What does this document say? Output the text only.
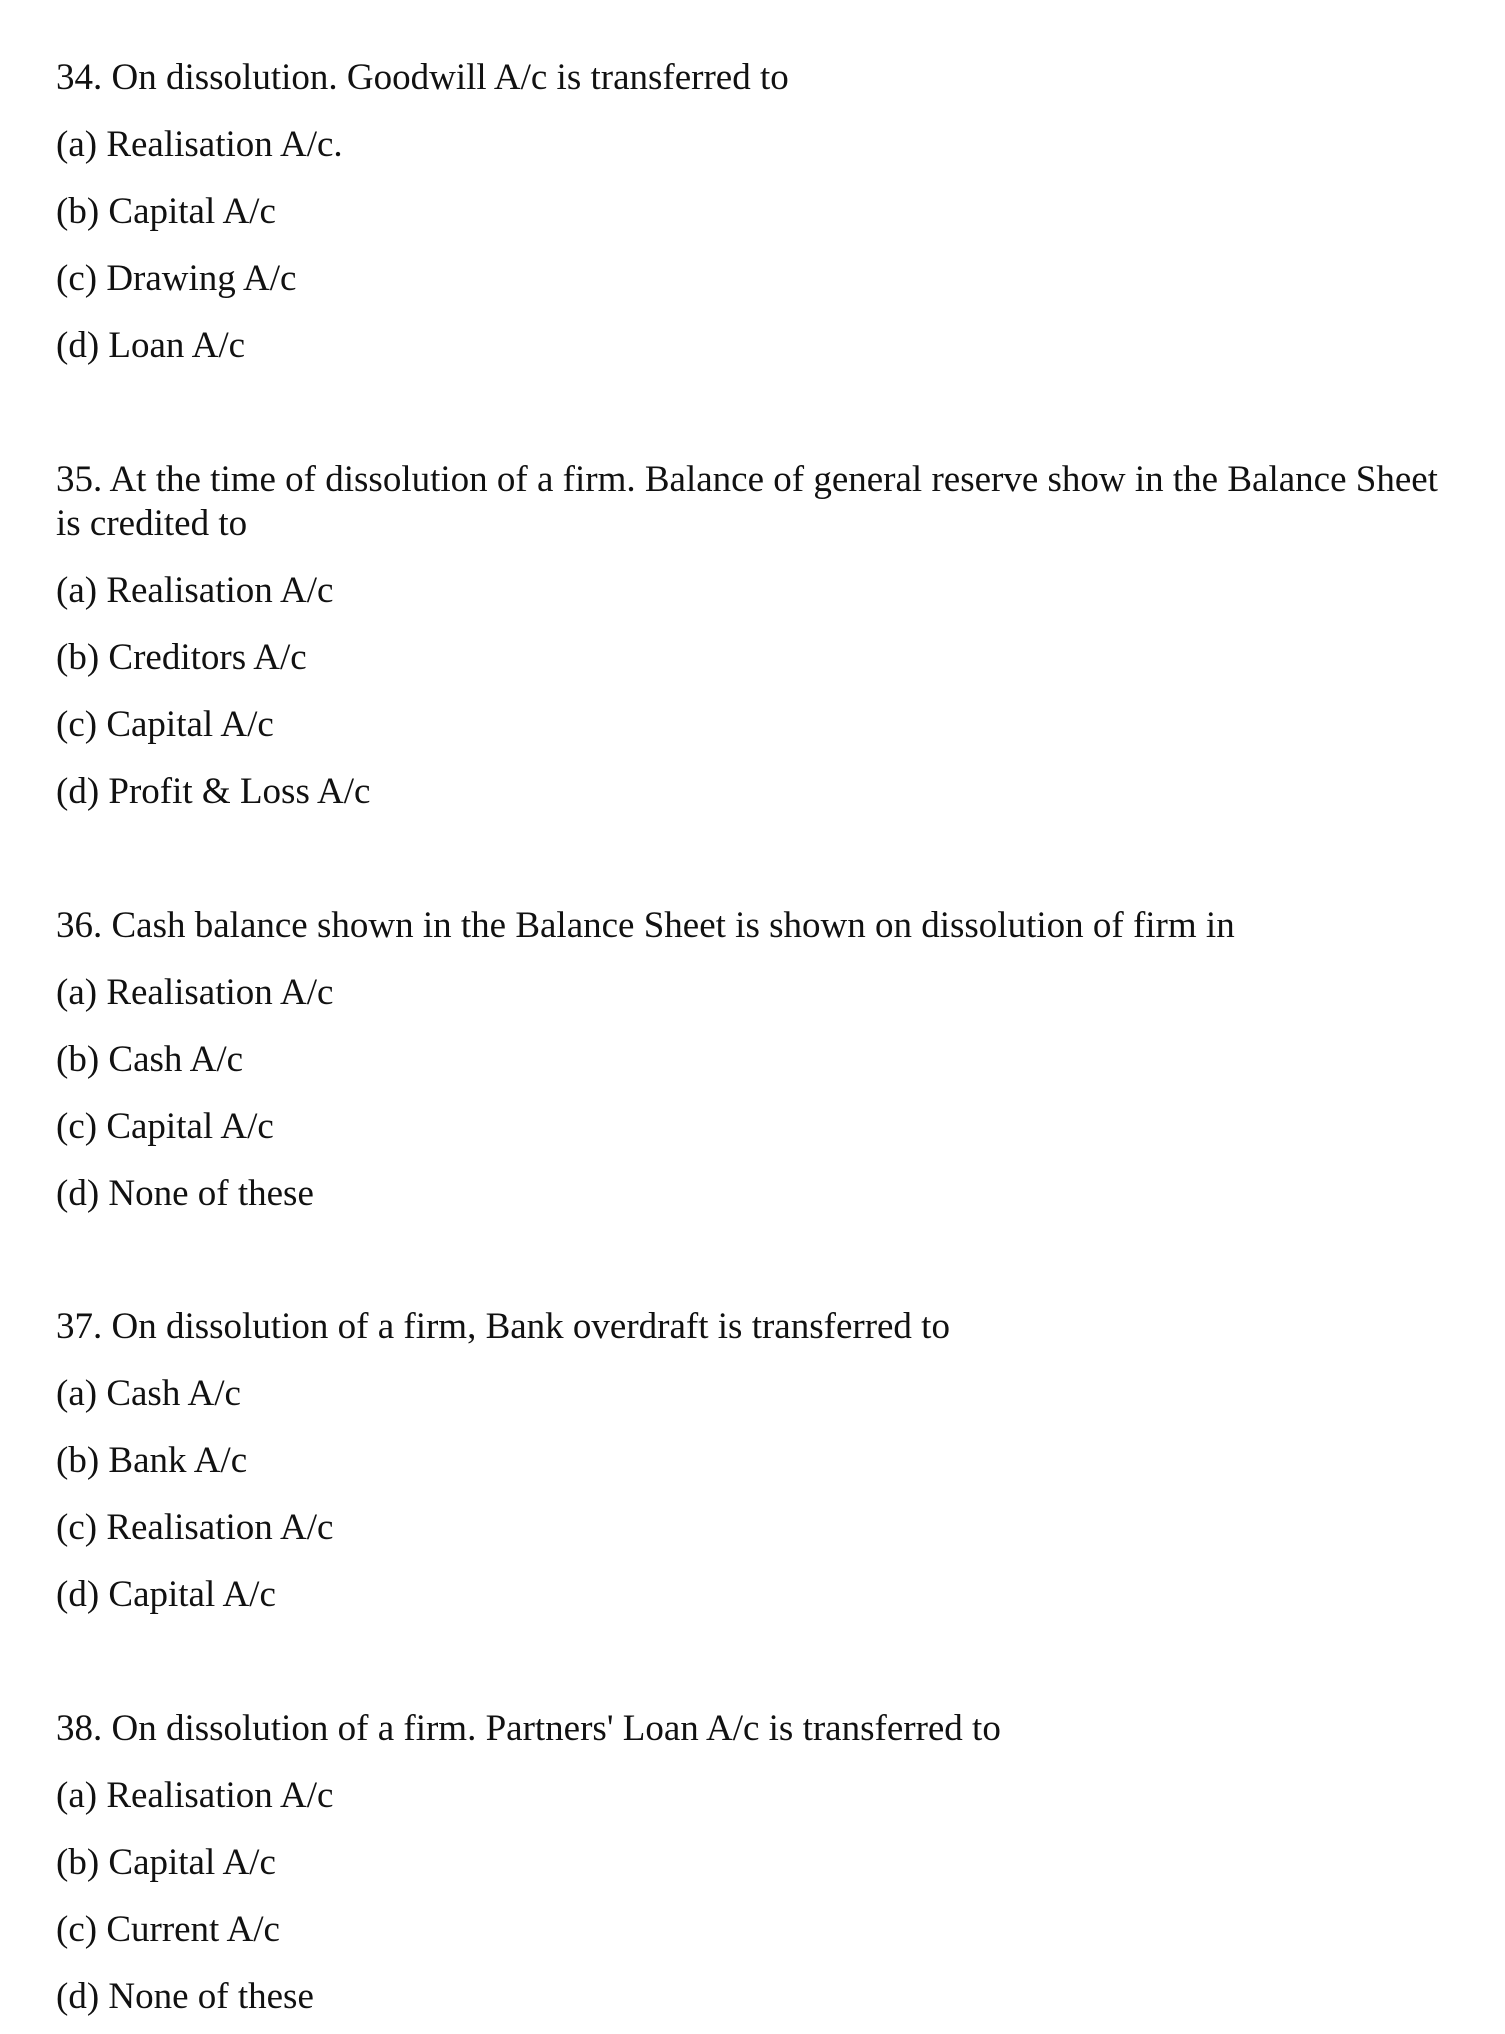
34. On dissolution. Goodwill A/c is transferred to
(a) Realisation A/c.
(b) Capital A/c
(c) Drawing A/c
(d) Loan A/c
35. At the time of dissolution of a firm. Balance of general reserve show in the Balance Sheet is credited to
(a) Realisation A/c
(b) Creditors A/c
(c) Capital A/c
(d) Profit & Loss A/c
36. Cash balance shown in the Balance Sheet is shown on dissolution of firm in
(a) Realisation A/c
(b) Cash A/c
(c) Capital A/c
(d) None of these
37. On dissolution of a firm, Bank overdraft is transferred to
(a) Cash A/c
(b) Bank A/c
(c) Realisation A/c
(d) Capital A/c
38. On dissolution of a firm. Partners' Loan A/c is transferred to
(a) Realisation A/c
(b) Capital A/c
(c) Current A/c
(d) None of these
